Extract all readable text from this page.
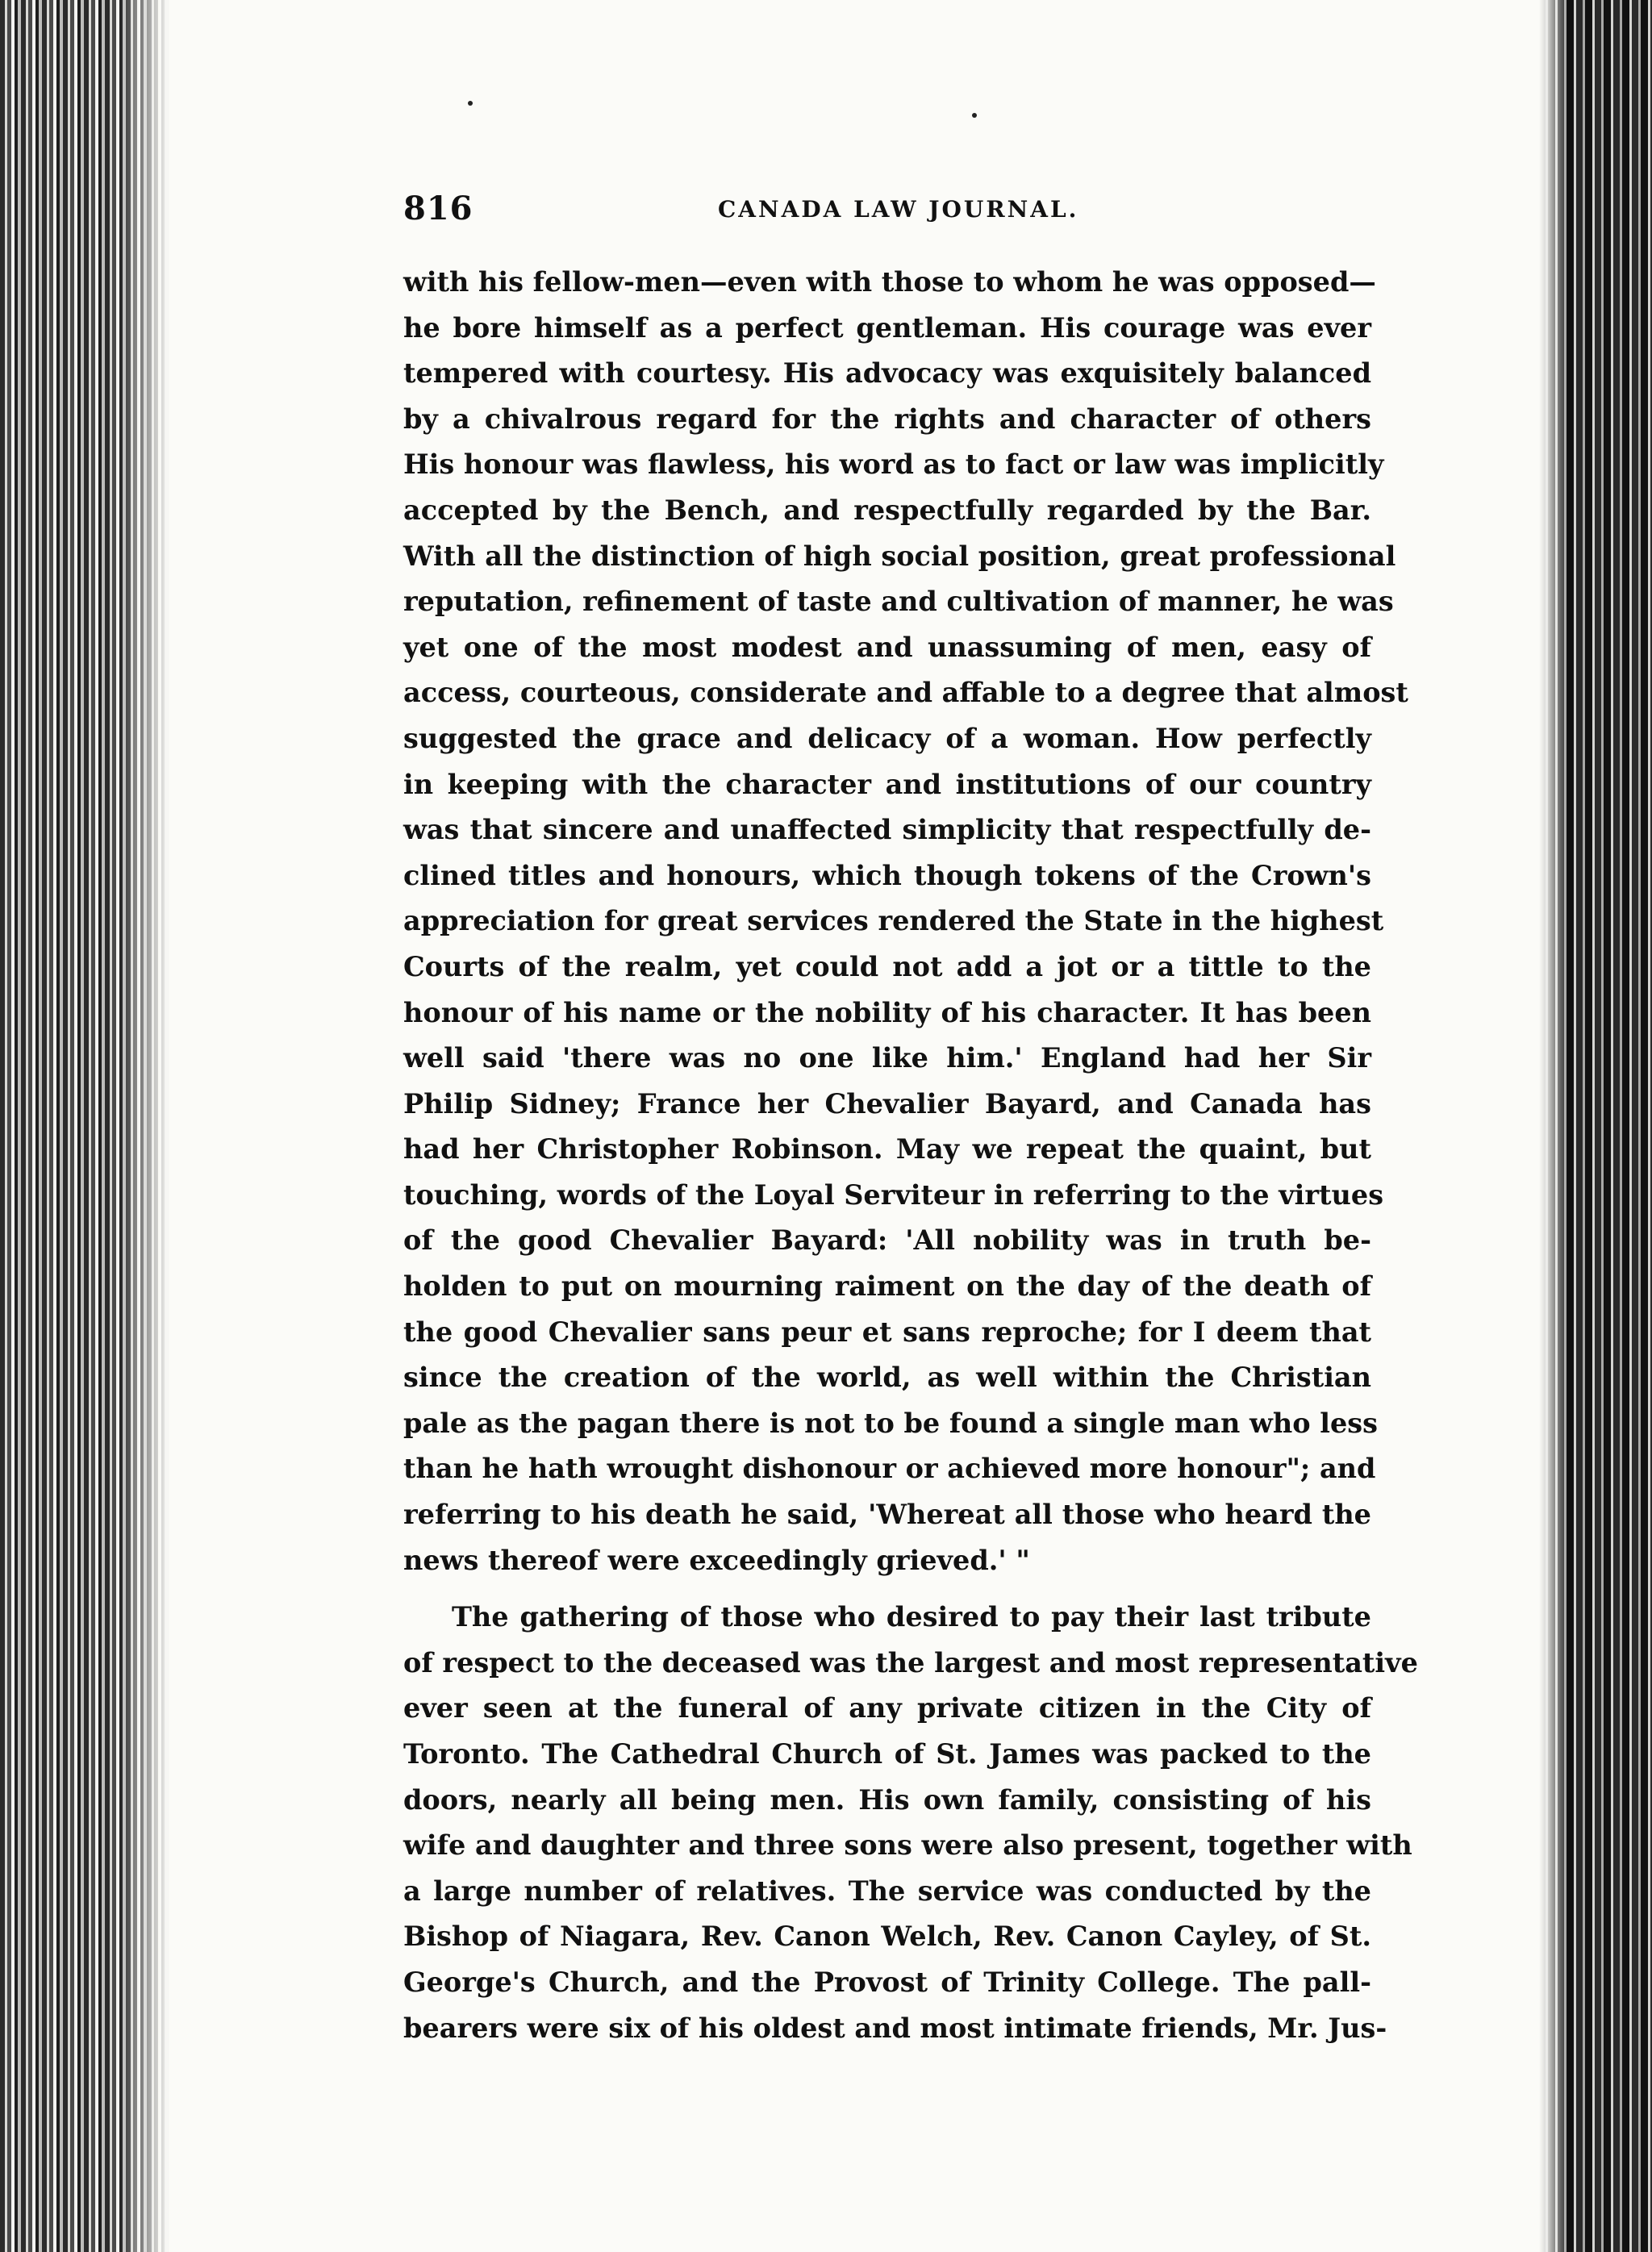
816	CANADA LAW JOURNAL.
with his fellow-men—even with those to whom he was opposed—
he bore himself as a perfect gentleman. His courage was ever
tempered with courtesy. His advocacy was exquisitely balanced
by a chivalrous regard for the rights and character of others
His honour was flawless, his word as to fact or law was implicitly
accepted by the Bench, and respectfully regarded by the Bar.
With all the distinction of high social position, great professional
reputation, refinement of taste and cultivation of manner, he was
yet one of the most modest and unassuming of men, easy of
access, courteous, considerate and affable to a degree that almost
suggested the grace and delicacy of a woman. How perfectly
in keeping with the character and institutions of our country
was that sincere and unaffected simplicity that respectfully de-
clined titles and honours, which though tokens of the Crown's
appreciation for great services rendered the State in the highest
Courts of the realm, yet could not add a jot or a tittle to the
honour of his name or the nobility of his character. It has been
well said 'there was no one like him.' England had her Sir
Philip Sidney; France her Chevalier Bayard, and Canada has
had her Christopher Robinson. May we repeat the quaint, but
touching, words of the Loyal Serviteur in referring to the virtues
of the good Chevalier Bayard: 'All nobility was in truth be-
holden to put on mourning raiment on the day of the death of
the good Chevalier sans peur et sans reproche; for I deem that
since the creation of the world, as well within the Christian
pale as the pagan there is not to be found a single man who less
than he hath wrought dishonour or achieved more honour"; and
referring to his death he said, 'Whereat all those who heard the
news thereof were exceedingly grieved.' "
The gathering of those who desired to pay their last tribute
of respect to the deceased was the largest and most representative
ever seen at the funeral of any private citizen in the City of
Toronto. The Cathedral Church of St. James was packed to the
doors, nearly all being men. His own family, consisting of his
wife and daughter and three sons were also present, together with
a large number of relatives. The service was conducted by the
Bishop of Niagara, Rev. Canon Welch, Rev. Canon Cayley, of St.
George's Church, and the Provost of Trinity College. The pall-
bearers were six of his oldest and most intimate friends, Mr. Jus-
